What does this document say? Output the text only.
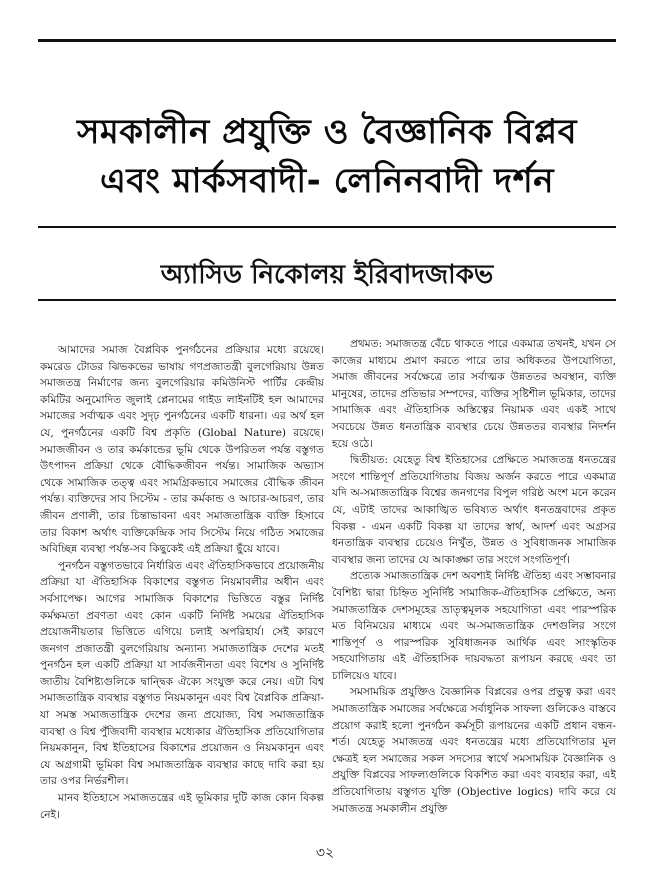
সমকালীন প্রযুক্তি ও বৈজ্ঞানিক বিপ্লব
এবং মার্কসবাদী- লেনিনবাদী দর্শন
অ্যাসিড নিকোলয় ইরিবাদজাকভ

আমাদের সমাজ বৈপ্লবিক পুনর্গঠনের প্রক্রিয়ার মধ্যে রয়েছে। কমরেড টোডর ঝিভকভের ভাষায় গণপ্রজাতন্ত্রী বুলগেরিয়ায় উন্নত সমাজতন্ত্র নির্মাণের জন্য বুলগেরিয়ার কমিউনিস্ট পার্টির কেন্দ্রীয় কমিটির অনুমোদিত জুলাই প্লেনামের গাইড লাইনটিই হল আমাদের সমাজের সর্বাত্মক এবং সুদৃঢ় পুনর্গঠনের একটি ধারনা। এর অর্থ হল যে, পুনর্গঠনের একটি বিশ্ব প্রকৃতি (Global Nature) রয়েছে। সমাজজীবন ও তার কর্মকান্ডের ভূমি থেকে উপরিতল পর্যন্ত বস্তুগত উৎপাদন প্রক্রিয়া থেকে বৌদ্ধিকজীবন পর্যন্ত। সামাজিক অভ্যাস থেকে সামাজিক তত্ত্ব এবং সামগ্রিকভাবে সমাজের বৌদ্ধিক জীবন পর্যন্ত। ব্যক্তিদের সাব সিস্টেম - তার কর্মকান্ড ও আচার-আচরণ, তার জীবন প্রণালী, তার চিন্তাভাবনা এবং সমাজতান্ত্রিক ব্যক্তি হিসাবে তার বিকাশ অর্থাৎ ব্যক্তিকেন্দ্রিক সাব সিস্টেম নিয়ে গঠিত সমাজের অবিচ্ছিন্ন ব্যবস্থা পর্যন্ত-সব কিছুকেই এই প্রক্রিয়া ছুঁয়ে যাবে।

পুনর্গঠন বস্তুগতভাবে নির্ধারিত এবং ঐতিহাসিকভাবে প্রয়োজনীয় প্রক্রিয়া যা ঐতিহাসিক বিকাশের বস্তুগত নিয়মাবলীর অধীন এবং সর্বসাপেক্ষ। আগের সামাজিক বিকাশের ভিত্তিতে বস্তুর নির্দিষ্ট কর্মক্ষমতা প্রবণতা এবং কোন একটি নির্দিষ্ট সময়ের ঐতিহাসিক প্রয়োজনীয়তার ভিত্তিতে এগিয়ে চলাই অপরিহার্য। সেই কারণে জনগণ প্রজাতন্ত্রী বুলগেরিয়ায় অন্যান্য সমাজতান্ত্রিক দেশের মতই পুনর্গঠন হল একটি প্রক্রিয়া যা সার্বজনীনতা এবং বিশেষ ও সুনির্দিষ্ট জাতীয় বৈশিষ্ট্যগুলিকে দ্বান্দ্বিক ঐক্যে সংযুক্ত করে নেয়। এটা বিশ্ব সমাজতান্ত্রিক ব্যবস্থার বস্তুগত নিয়মকানুন এবং বিশ্ব বৈপ্লবিক প্রক্রিয়া-যা সমস্ত সমাজতান্ত্রিক দেশের জন্য প্রযোজ্য, বিশ্ব সমাজতান্ত্রিক ব্যবস্থা ও বিশ্ব পুঁজিবাদী ব্যবস্থার মধ্যেকার ঐতিহাসিক প্রতিযোগিতার নিয়মকানুন, বিশ্ব ইতিহাসের বিকাশের প্রয়োজন ও নিয়মকানুন এবং যে অগ্রগামী ভূমিকা বিশ্ব সমাজতান্ত্রিক ব্যবস্থার কাছে দাবি করা হয় তার ওপর নির্ভরশীল।

মানব ইতিহাসে সমাজতন্ত্রের এই ভূমিকার দুটি কাজ কোন বিকল্প নেই।

প্রথমত: সমাজতন্ত্র বেঁচে থাকতে পারে একমাত্র তখনই, যখন সে কাজের মাধ্যমে প্রমাণ করতে পারে তার অধিকতর উপযোগিতা, সমাজ জীবনের সর্বক্ষেত্রে তার সর্বাত্মক উন্নততর অবস্থান, ব্যক্তি মানুষের, তাদের প্রতিভার সম্পদের, ব্যক্তির সৃষ্টিশীল ভূমিকার, তাদের সামাজিক এবং ঐতিহাসিক অস্তিত্বের নিয়ামক এবং একই সাথে সবচেয়ে উন্নত ধনতান্ত্রিক ব্যবস্থার চেয়ে উন্নততর ব্যবস্থার নিদর্শন হয়ে ওঠে।

দ্বিতীয়ত: যেহেতু বিশ্ব ইতিহাসের প্রেক্ষিতে সমাজতন্ত্র ধনতন্ত্রের সংগে শান্তিপূর্ণ প্রতিযোগিতায় বিজয় অর্জন করতে পারে একমাত্র যদি অ-সমাজতান্ত্রিক বিশ্বের জনগণের বিপুল গরিষ্ঠ অংশ মনে করেন যে, এটাই তাদের আকাঙ্খিত ভবিষ্যত অর্থাৎ ধনতন্ত্রবাদের প্রকৃত বিকল্প - এমন একটি বিকল্প যা তাদের স্বার্থ, আদর্শ এবং অগ্রসর ধনতান্ত্রিক ব্যবস্থার চেয়েও নিখুঁত, উন্নত ও সুবিধাজনক সামাজিক ব্যবস্থার জন্য তাদের যে আকাঙ্ক্ষা তার সংগে সংগতিপূর্ণ।

প্রত্যেক সমাজতান্ত্রিক দেশ অবশ্যই নির্দিষ্ট ঐতিহ্য এবং সম্ভাবনার বৈশিষ্ট্য দ্বারা চিহ্নিত সুনির্দিষ্ট সামাজিক-ঐতিহাসিক প্রেক্ষিতে, অন্য সমাজতান্ত্রিক দেশসমূহের ভ্রাতৃত্বমূলক সহযোগিতা এবং পারস্পরিক মত বিনিময়ের মাধ্যমে এবং অ-সমাজতান্ত্রিক দেশগুলির সংগে শান্তিপূর্ণ ও পারস্পরিক সুবিধাজনক আর্থিক এবং সাংস্কৃতিক সহযোগিতায় এই ঐতিহাসিক দায়বদ্ধতা রূপায়ন করছে এবং তা চালিয়েও যাবে।

সমসাময়িক প্রযুক্তিও বৈজ্ঞানিক বিপ্লবের ওপর প্রভুত্ব করা এবং সমাজতান্ত্রিক সমাজের সর্বক্ষেত্রে সর্বাধুনিক সাফল্য গুলিকেও বাস্তবে প্রয়োগ করাই হলো পুনর্গঠন কর্মসূচী রূপায়নের একটি প্রধান বন্ধন-শর্ত। যেহেতু সমাজতন্ত্র এবং ধনতন্ত্রের মধ্যে প্রতিযোগিতার মূল ক্ষেত্রই হল সমাজের সকল সদস্যের স্বার্থে সমসাময়িক বৈজ্ঞানিক ও প্রযুক্তি বিপ্লবের সাফল্যগুলিকে বিকশিত করা এবং ব্যবহার করা, এই প্রতিযোগিতায় বস্তুগত যুক্তি (Objective logics) দাবি করে যে সমাজতন্ত্র সমকালীন প্রযুক্তি

৩২
